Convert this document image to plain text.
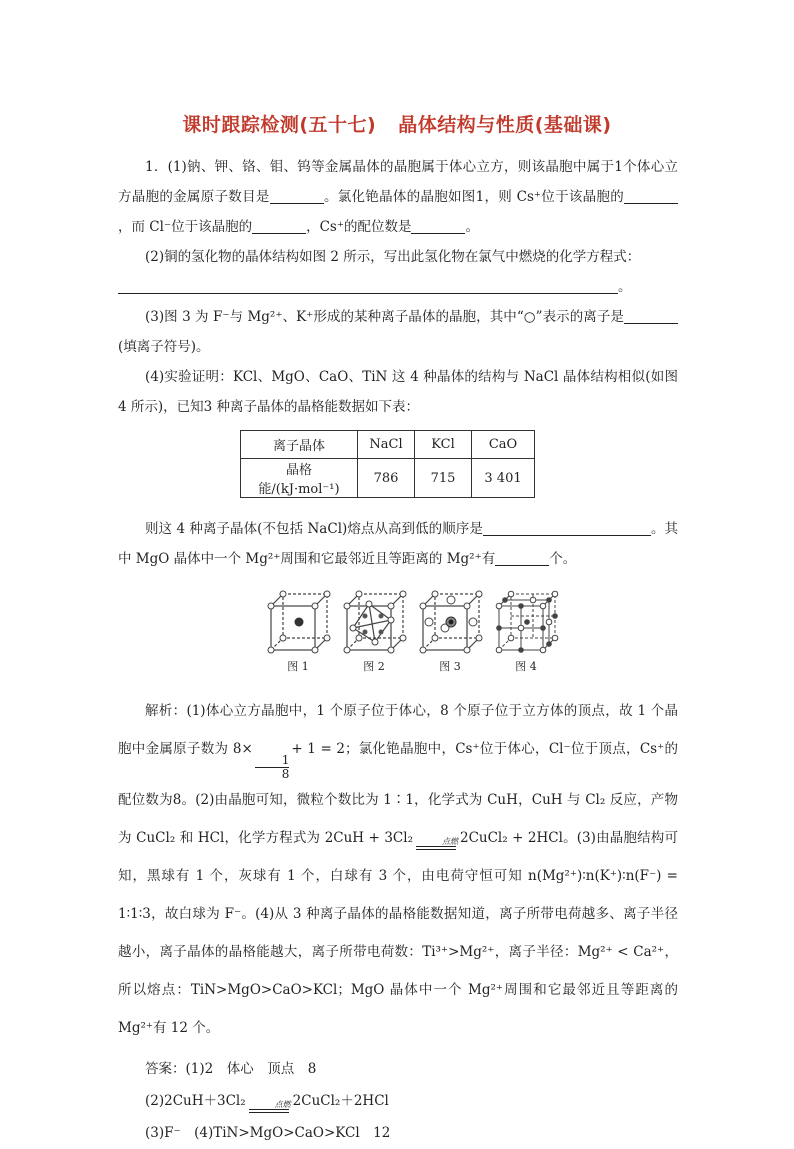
课时跟踪检测(五十七) 晶体结构与性质(基础课)

1．(1)钠、钾、铬、钼、钨等金属晶体的晶胞属于体心立方，则该晶胞中属于1个体心立方晶胞的金属原子数目是	。氯化铯晶体的晶胞如图1，则 Cs⁺位于该晶胞的，而 Cl⁻位于该晶胞的	，Cs⁺的配位数是	。

(2)铜的氢化物的晶体结构如图 2 所示，写出此氢化物在氯气中燃烧的化学方程式：

。

(3)图 3 为 F⁻与 Mg²⁺、K⁺形成的某种离子晶体的晶胞，其中“○”表示的离子是(填离子符号)。

(4)实验证明：KCl、MgO、CaO、TiN 这 4 种晶体的结构与 NaCl 晶体结构相似(如图4 所示)，已知3 种离子晶体的晶格能数据如下表：

离子晶体	NaCl	KCl	CaO
晶格能/(kJ·mol⁻¹)	786	715	3 401

则这 4 种离子晶体(不包括 NaCl)熔点从高到低的顺序是	。其中 MgO 晶体中一个 Mg²⁺周围和它最邻近且等距离的 Mg²⁺有	个。

图 1	图 2	图 3	图 4

解析：(1)体心立方晶胞中，1 个原子位于体心，8 个原子位于立方体的顶点，故 1 个晶胞中金属原子数为 8×
$\frac{1}{8}$
+ 1 = 2；氯化铯晶胞中，Cs⁺位于体心，Cl⁻位于顶点，Cs⁺的配位数为8。(2)由晶胞可知，微粒个数比为 1∶1，化学式为 CuH，CuH 与 Cl₂ 反应，产物为 CuCl₂ 和 HCl，化学方程式为 2CuH + 3Cl₂	点燃 2CuCl₂ + 2HCl。(3)由晶胞结构可知，黑球有 1 个，灰球有 1 个，白球有 3 个，由电荷守恒可知 n(Mg²⁺)∶n(K⁺)∶n(F⁻) = 1∶1∶3，故白球为 F⁻。(4)从 3 种离子晶体的晶格能数据知道，离子所带电荷越多、离子半径越小，离子晶体的晶格能越大，离子所带电荷数：Ti³⁺>Mg²⁺，离子半径：Mg²⁺ < Ca²⁺，所以熔点：TiN>MgO>CaO>KCl；MgO 晶体中一个 Mg²⁺周围和它最邻近且等距离的 Mg²⁺有 12 个。

答案：(1)2　体心　顶点　8

(2)2CuH＋3Cl₂	点燃 2CuCl₂＋2HCl

(3)F⁻　(4)TiN>MgO>CaO>KCl　12
